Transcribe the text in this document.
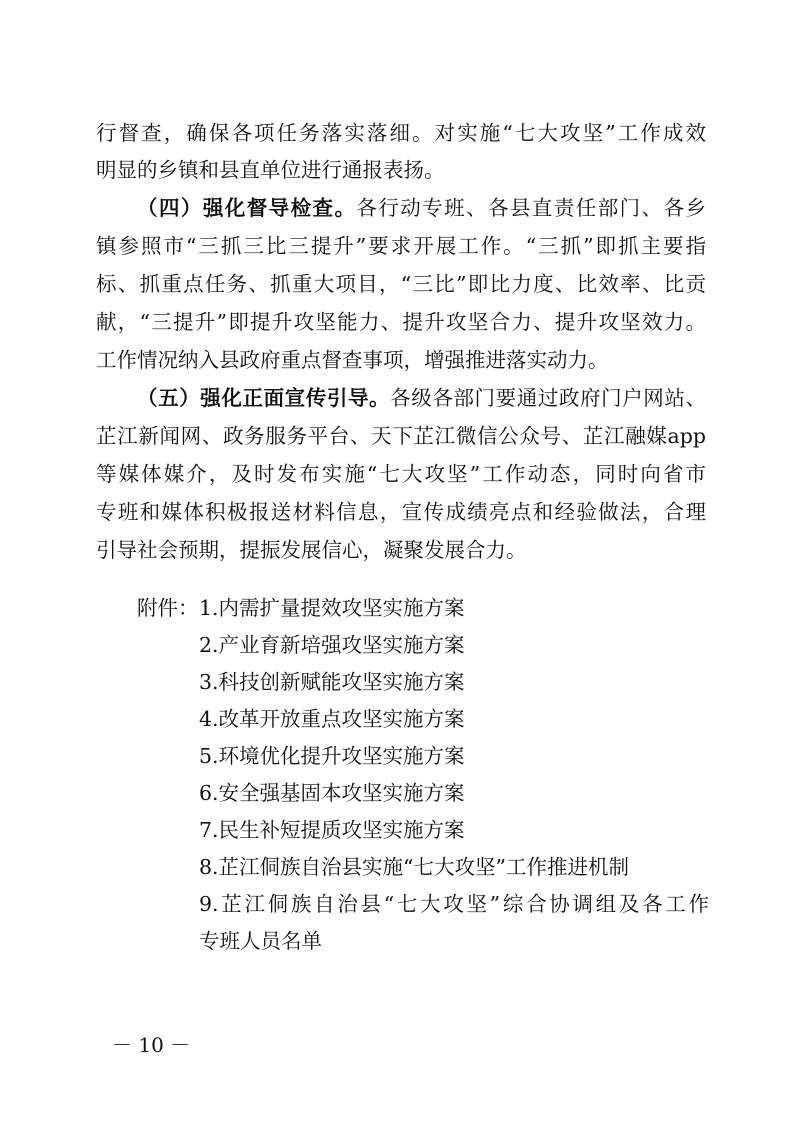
行督查，确保各项任务落实落细。对实施“七大攻坚”工作成效
明显的乡镇和县直单位进行通报表扬。
（四）强化督导检查。各行动专班、各县直责任部门、各乡
镇参照市“三抓三比三提升”要求开展工作。“三抓”即抓主要指
标、抓重点任务、抓重大项目，“三比”即比力度、比效率、比贡
献，“三提升”即提升攻坚能力、提升攻坚合力、提升攻坚效力。
工作情况纳入县政府重点督查事项，增强推进落实动力。
（五）强化正面宣传引导。各级各部门要通过政府门户网站、
芷江新闻网、政务服务平台、天下芷江微信公众号、芷江融媒app
等媒体媒介，及时发布实施“七大攻坚”工作动态，同时向省市
专班和媒体积极报送材料信息，宣传成绩亮点和经验做法，合理
引导社会预期，提振发展信心，凝聚发展合力。
附件： 1.内需扩量提效攻坚实施方案
2.产业育新培强攻坚实施方案
3.科技创新赋能攻坚实施方案
4.改革开放重点攻坚实施方案
5.环境优化提升攻坚实施方案
6.安全强基固本攻坚实施方案
7.民生补短提质攻坚实施方案
8.芷江侗族自治县实施“七大攻坚”工作推进机制
9.芷江侗族自治县“七大攻坚”综合协调组及各工作
专班人员名单
－ 10 －
